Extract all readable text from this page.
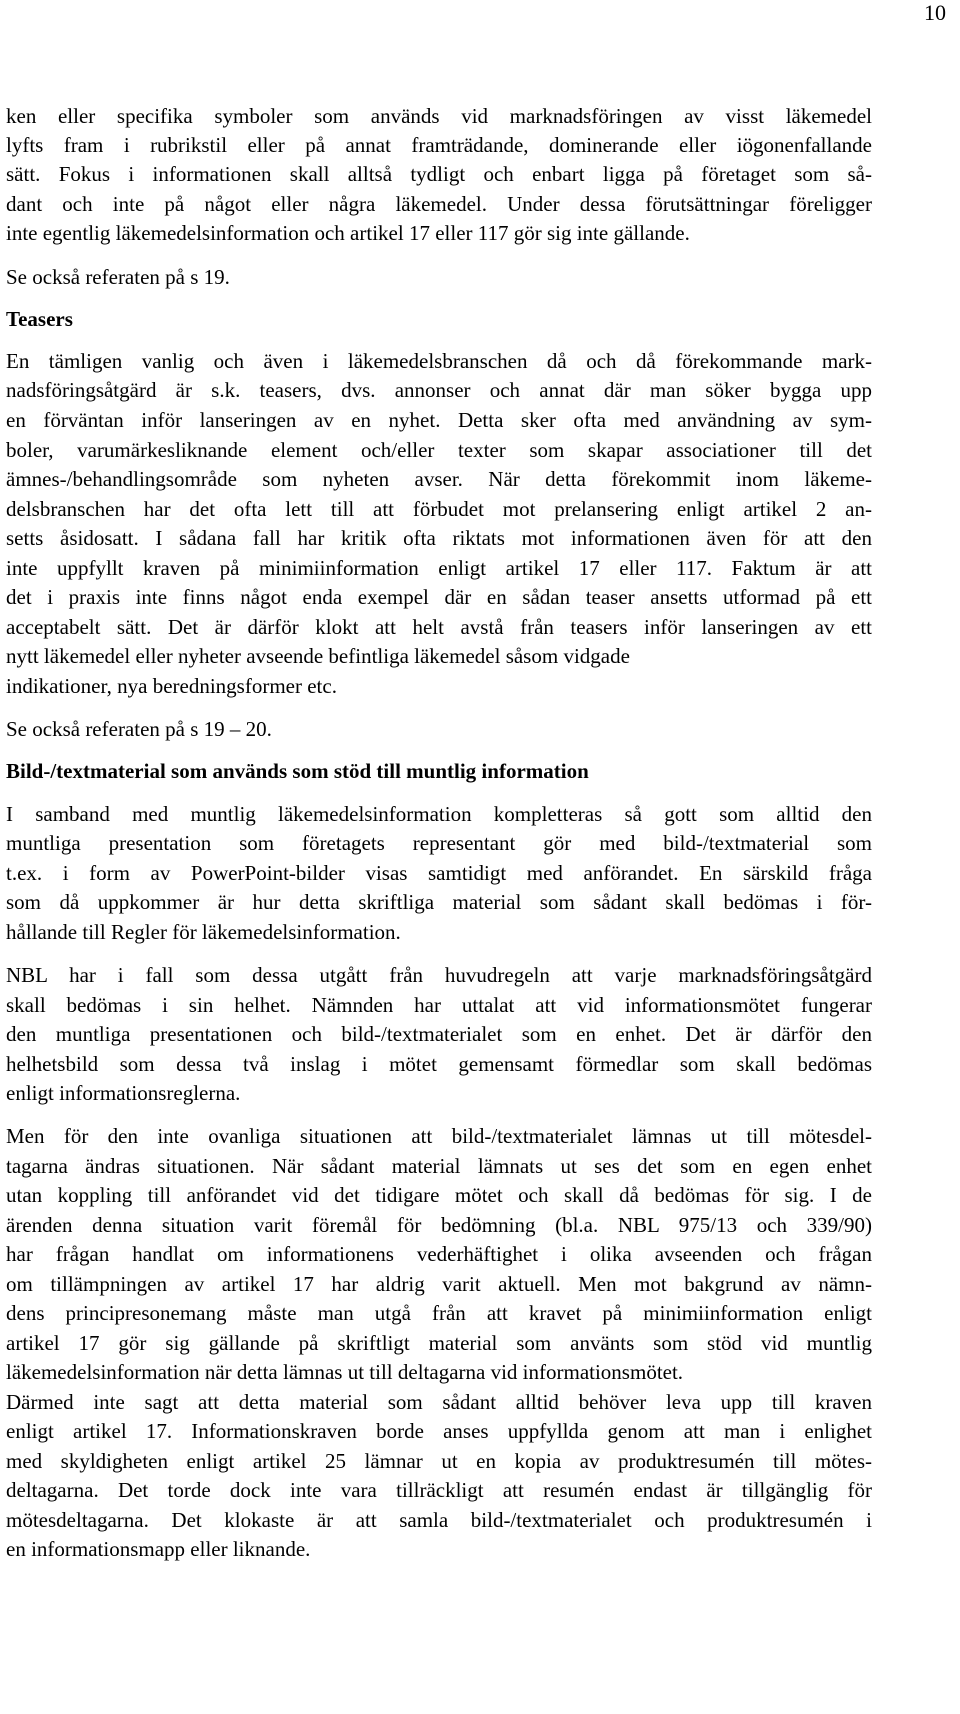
10
ken eller specifika symboler som används vid marknadsföringen av visst läkemedel
lyfts fram i rubrikstil eller på annat framträdande, dominerande eller iögonenfallande
sätt. Fokus i informationen skall alltså tydligt och enbart ligga på företaget som så-
dant och inte på något eller några läkemedel. Under dessa förutsättningar föreligger
inte egentlig läkemedelsinformation och artikel 17 eller 117 gör sig inte gällande.
Se också referaten på s 19.
Teasers
En tämligen vanlig och även i läkemedelsbranschen då och då förekommande mark-
nadsföringsåtgärd är s.k. teasers, dvs. annonser och annat där man söker bygga upp
en förväntan inför lanseringen av en nyhet. Detta sker ofta med användning av sym-
boler, varumärkesliknande element och/eller texter som skapar associationer till det
ämnes-/behandlingsområde som nyheten avser. När detta förekommit inom läkeme-
delsbranschen har det ofta lett till att förbudet mot prelansering enligt artikel 2 an-
setts åsidosatt. I sådana fall har kritik ofta riktats mot informationen även för att den
inte uppfyllt kraven på minimiinformation enligt artikel 17 eller 117. Faktum är att
det i praxis inte finns något enda exempel där en sådan teaser ansetts utformad på ett
acceptabelt sätt. Det är därför klokt att helt avstå från teasers inför lanseringen av ett
nytt läkemedel eller nyheter avseende befintliga läkemedel såsom vidgade
indikationer, nya beredningsformer etc.
Se också referaten på s 19 – 20.
Bild-/textmaterial som används som stöd till muntlig information
I samband med muntlig läkemedelsinformation kompletteras så gott som alltid den
muntliga presentation som företagets representant gör med bild-/textmaterial som
t.ex. i form av PowerPoint-bilder visas samtidigt med anförandet. En särskild fråga
som då uppkommer är hur detta skriftliga material som sådant skall bedömas i för-
hållande till Regler för läkemedelsinformation.
NBL har i fall som dessa utgått från huvudregeln att varje marknadsföringsåtgärd
skall bedömas i sin helhet. Nämnden har uttalat att vid informationsmötet fungerar
den muntliga presentationen och bild-/textmaterialet som en enhet. Det är därför den
helhetsbild som dessa två inslag i mötet gemensamt förmedlar som skall bedömas
enligt informationsreglerna.
Men för den inte ovanliga situationen att bild-/textmaterialet lämnas ut till mötesdel-
tagarna ändras situationen. När sådant material lämnats ut ses det som en egen enhet
utan koppling till anförandet vid det tidigare mötet och skall då bedömas för sig. I de
ärenden denna situation varit föremål för bedömning (bl.a. NBL 975/13 och 339/90)
har frågan handlat om informationens vederhäftighet i olika avseenden och frågan
om tillämpningen av artikel 17 har aldrig varit aktuell. Men mot bakgrund av nämn-
dens principresonemang måste man utgå från att kravet på minimiinformation enligt
artikel 17 gör sig gällande på skriftligt material som använts som stöd vid muntlig
läkemedelsinformation när detta lämnas ut till deltagarna vid informationsmötet.
Därmed inte sagt att detta material som sådant alltid behöver leva upp till kraven
enligt artikel 17. Informationskraven borde anses uppfyllda genom att man i enlighet
med skyldigheten enligt artikel 25 lämnar ut en kopia av produktresumén till mötes-
deltagarna. Det torde dock inte vara tillräckligt att resumén endast är tillgänglig för
mötesdeltagarna. Det klokaste är att samla bild-/textmaterialet och produktresumén i
en informationsmapp eller liknande.
